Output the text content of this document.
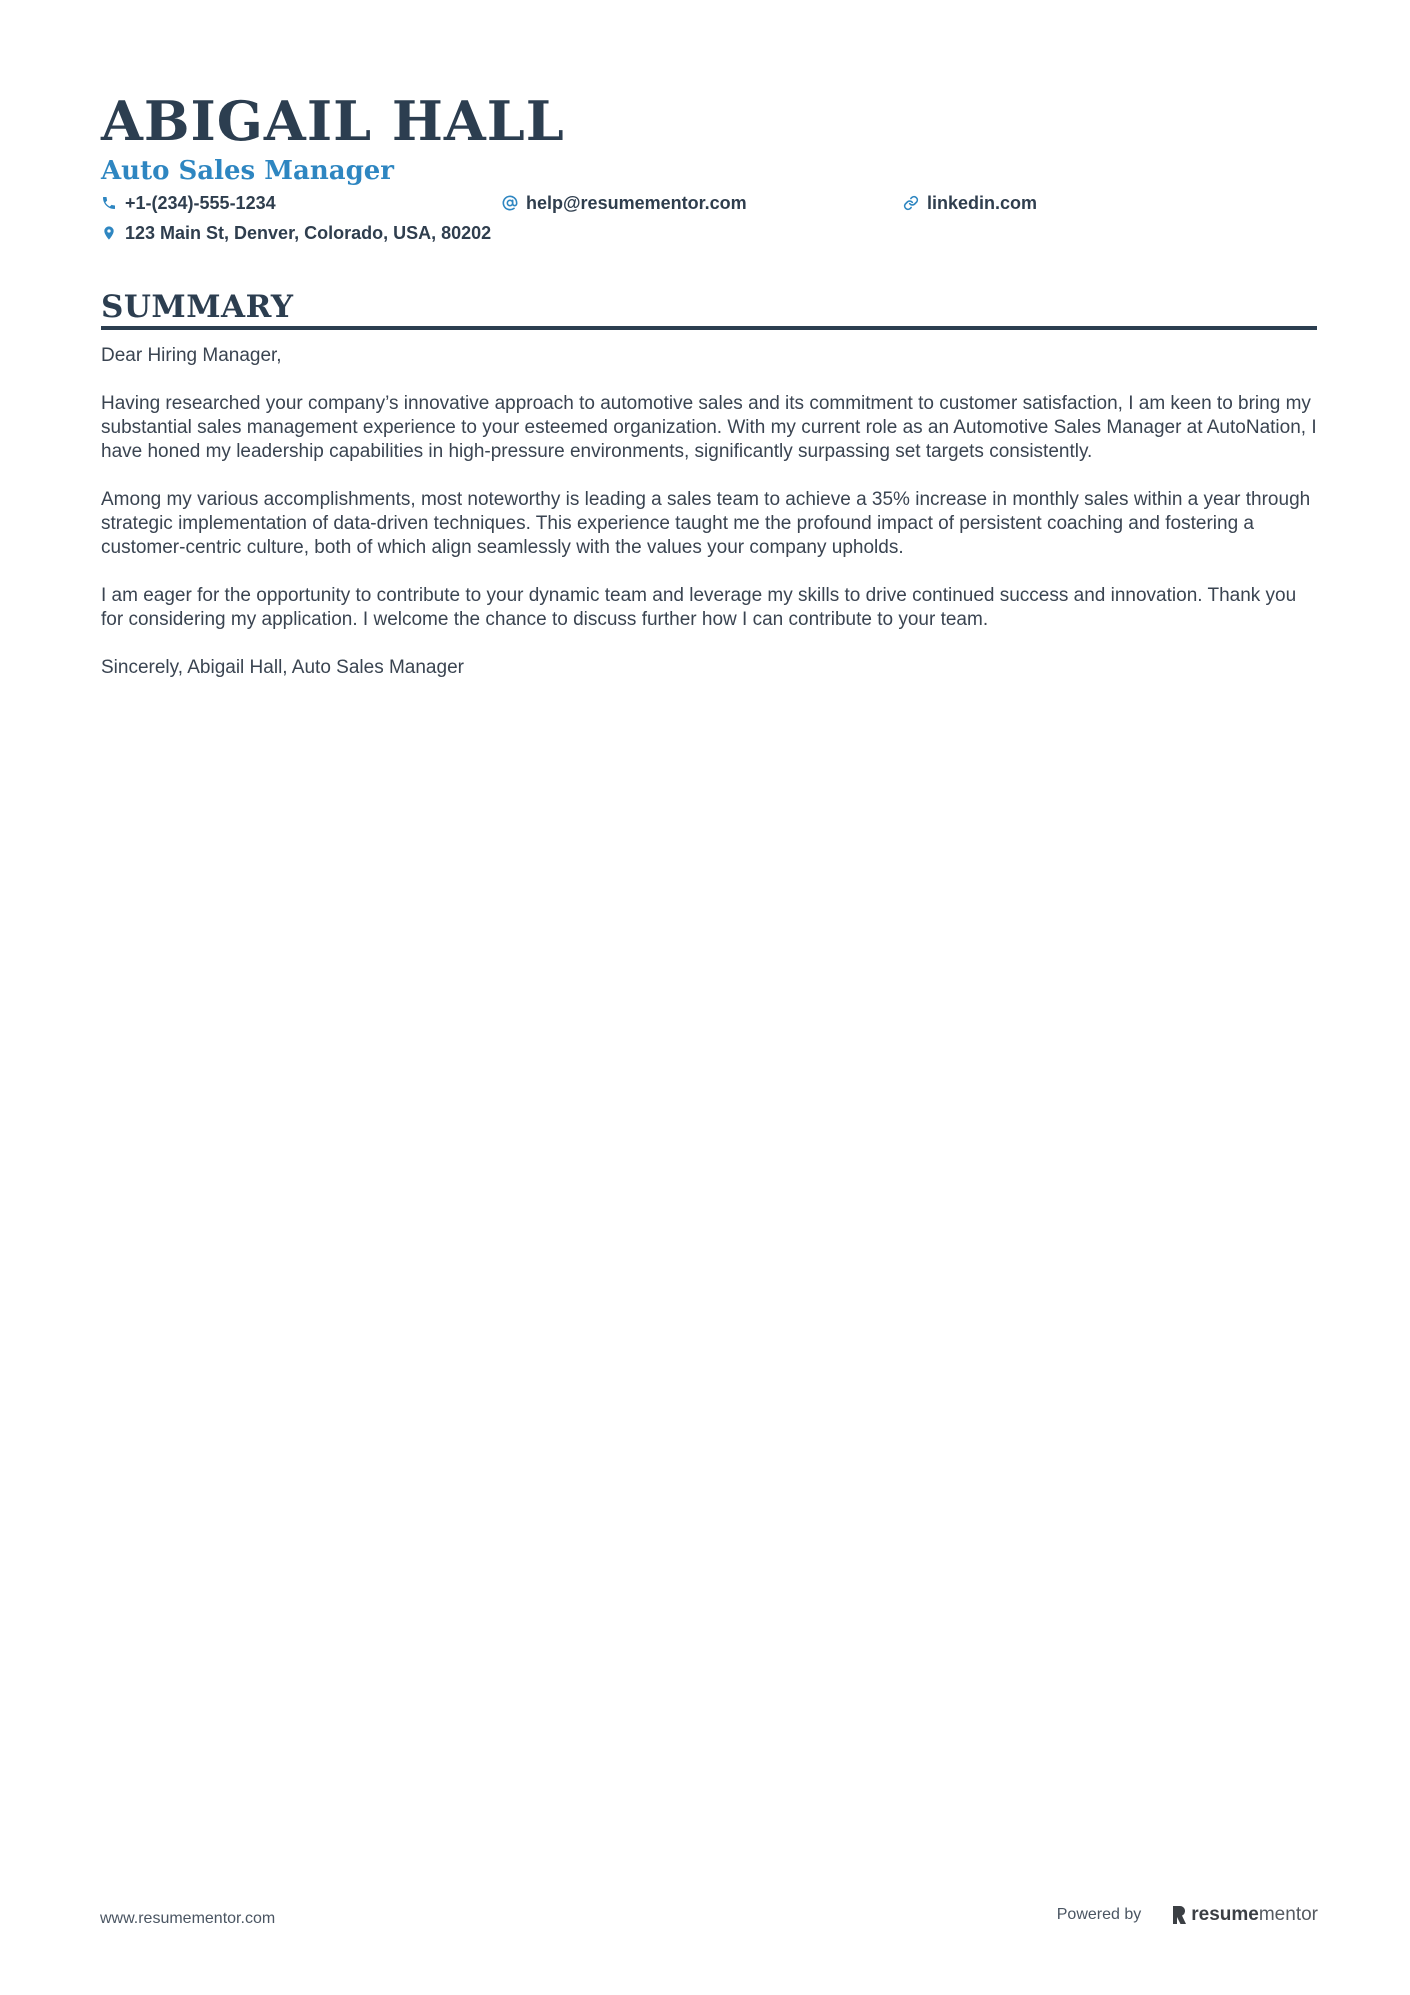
ABIGAIL HALL
Auto Sales Manager
+1-(234)-555-1234	help@resumementor.com	linkedin.com
123 Main St, Denver, Colorado, USA, 80202
SUMMARY

Dear Hiring Manager,

Having researched your company’s innovative approach to automotive sales and its commitment to customer satisfaction, I am keen to bring my substantial sales management experience to your esteemed organization. With my current role as an Automotive Sales Manager at AutoNation, I have honed my leadership capabilities in high-pressure environments, significantly surpassing set targets consistently.

Among my various accomplishments, most noteworthy is leading a sales team to achieve a 35% increase in monthly sales within a year through strategic implementation of data-driven techniques. This experience taught me the profound impact of persistent coaching and fostering a customer-centric culture, both of which align seamlessly with the values your company upholds.

I am eager for the opportunity to contribute to your dynamic team and leverage my skills to drive continued success and innovation. Thank you for considering my application. I welcome the chance to discuss further how I can contribute to your team.

Sincerely, Abigail Hall, Auto Sales Manager

www.resumementor.com	Powered by	resume mentor
